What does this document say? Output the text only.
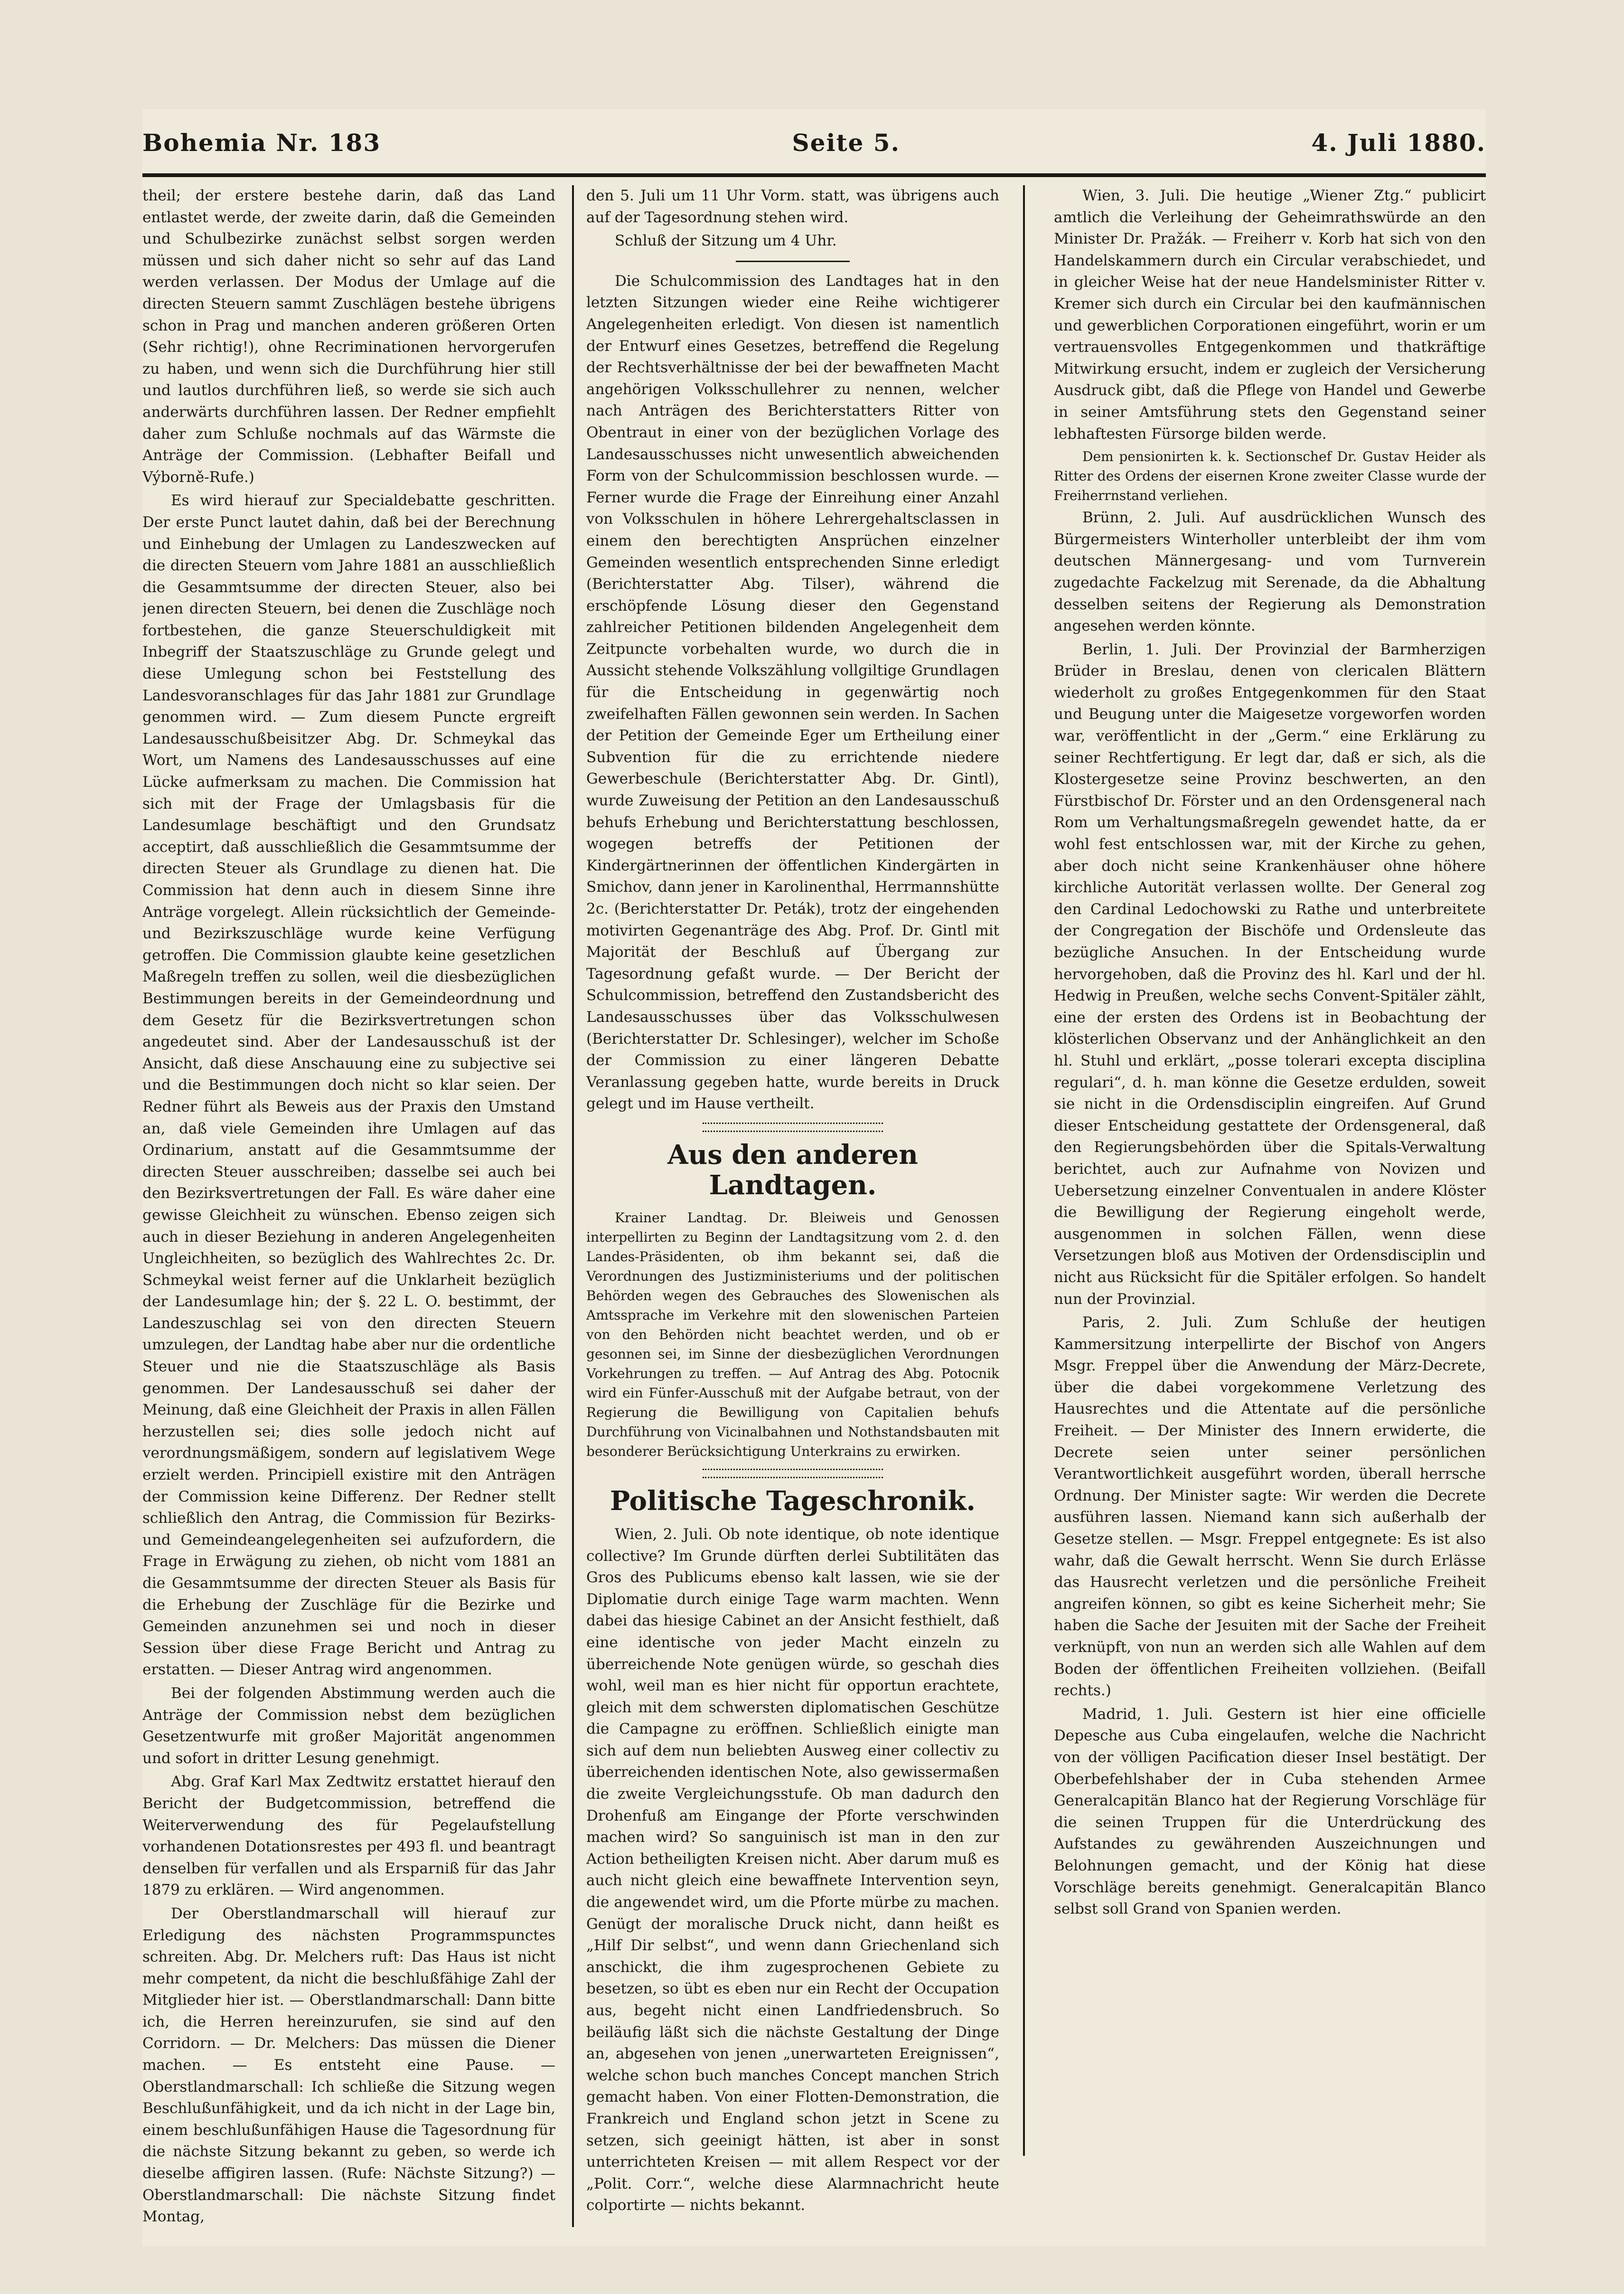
Bohemia Nr. 183	Seite 5.	4. Juli 1880.

theil; der erstere bestehe darin, daß das Land entlastet werde, der zweite darin, daß die Gemeinden und Schulbezirke zunächst selbst sorgen werden müssen und sich daher nicht so sehr auf das Land werden verlassen. Der Modus der Umlage auf die directen Steuern sammt Zuschlägen bestehe übrigens schon in Prag und manchen anderen größeren Orten (Sehr richtig!), ohne Recriminationen hervorgerufen zu haben, und wenn sich die Durchführung hier still und lautlos durchführen ließ, so werde sie sich auch anderwärts durchführen lassen. Der Redner empfiehlt daher zum Schluße nochmals auf das Wärmste die Anträge der Commission. (Lebhafter Beifall und Výborně-Rufe.)

Es wird hierauf zur Specialdebatte geschritten. Der erste Punct lautet dahin, daß bei der Berechnung und Einhebung der Umlagen zu Landeszwecken auf die directen Steuern vom Jahre 1881 an ausschließlich die Gesammtsumme der directen Steuer, also bei jenen directen Steuern, bei denen die Zuschläge noch fortbestehen, die ganze Steuerschuldigkeit mit Inbegriff der Staatszuschläge zu Grunde gelegt und diese Umlegung schon bei Feststellung des Landesvoranschlages für das Jahr 1881 zur Grundlage genommen wird. — Zum diesem Puncte ergreift Landesausschußbeisitzer Abg. Dr. Schmeykal das Wort, um Namens des Landesausschusses auf eine Lücke aufmerksam zu machen. Die Commission hat sich mit der Frage der Umlagsbasis für die Landesumlage beschäftigt und den Grundsatz acceptirt, daß ausschließlich die Gesammtsumme der directen Steuer als Grundlage zu dienen hat. Die Commission hat denn auch in diesem Sinne ihre Anträge vorgelegt. Allein rücksichtlich der Gemeinde- und Bezirkszuschläge wurde keine Verfügung getroffen. Die Commission glaubte keine gesetzlichen Maßregeln treffen zu sollen, weil die diesbezüglichen Bestimmungen bereits in der Gemeindeordnung und dem Gesetz für die Bezirksvertretungen schon angedeutet sind. Aber der Landesausschuß ist der Ansicht, daß diese Anschauung eine zu subjective sei und die Bestimmungen doch nicht so klar seien. Der Redner führt als Beweis aus der Praxis den Umstand an, daß viele Gemeinden ihre Umlagen auf das Ordinarium, anstatt auf die Gesammtsumme der directen Steuer ausschreiben; dasselbe sei auch bei den Bezirksvertretungen der Fall. Es wäre daher eine gewisse Gleichheit zu wünschen. Ebenso zeigen sich auch in dieser Beziehung in anderen Angelegenheiten Ungleichheiten, so bezüglich des Wahlrechtes 2c. Dr. Schmeykal weist ferner auf die Unklarheit bezüglich der Landesumlage hin; der §. 22 L. O. bestimmt, der Landeszuschlag sei von den directen Steuern umzulegen, der Landtag habe aber nur die ordentliche Steuer und nie die Staatszuschläge als Basis genommen. Der Landesausschuß sei daher der Meinung, daß eine Gleichheit der Praxis in allen Fällen herzustellen sei; dies solle jedoch nicht auf verordnungsmäßigem, sondern auf legislativem Wege erzielt werden. Principiell existire mit den Anträgen der Commission keine Differenz. Der Redner stellt schließlich den Antrag, die Commission für Bezirks- und Gemeindeangelegenheiten sei aufzufordern, die Frage in Erwägung zu ziehen, ob nicht vom 1881 an die Gesammtsumme der directen Steuer als Basis für die Erhebung der Zuschläge für die Bezirke und Gemeinden anzunehmen sei und noch in dieser Session über diese Frage Bericht und Antrag zu erstatten. — Dieser Antrag wird angenommen.

Bei der folgenden Abstimmung werden auch die Anträge der Commission nebst dem bezüglichen Gesetzentwurfe mit großer Majorität angenommen und sofort in dritter Lesung genehmigt.

Abg. Graf Karl Max Zedtwitz erstattet hierauf den Bericht der Budgetcommission, betreffend die Weiterverwendung des für Pegelaufstellung vorhandenen Dotationsrestes per 493 fl. und beantragt denselben für verfallen und als Ersparniß für das Jahr 1879 zu erklären. — Wird angenommen.

Der Oberstlandmarschall will hierauf zur Erledigung des nächsten Programmspunctes schreiten. Abg. Dr. Melchers ruft: Das Haus ist nicht mehr competent, da nicht die beschlußfähige Zahl der Mitglieder hier ist. — Oberstlandmarschall: Dann bitte ich, die Herren hereinzurufen, sie sind auf den Corridorn. — Dr. Melchers: Das müssen die Diener machen. — Es entsteht eine Pause. — Oberstlandmarschall: Ich schließe die Sitzung wegen Beschlußunfähigkeit, und da ich nicht in der Lage bin, einem beschlußunfähigen Hause die Tagesordnung für die nächste Sitzung bekannt zu geben, so werde ich dieselbe affigiren lassen. (Rufe: Nächste Sitzung?) — Oberstlandmarschall: Die nächste Sitzung findet Montag,

den 5. Juli um 11 Uhr Vorm. statt, was übrigens auch auf der Tagesordnung stehen wird.

Schluß der Sitzung um 4 Uhr.

Die Schulcommission des Landtages hat in den letzten Sitzungen wieder eine Reihe wichtigerer Angelegenheiten erledigt. Von diesen ist namentlich der Entwurf eines Gesetzes, betreffend die Regelung der Rechtsverhältnisse der bei der bewaffneten Macht angehörigen Volksschullehrer zu nennen, welcher nach Anträgen des Berichterstatters Ritter von Obentraut in einer von der bezüglichen Vorlage des Landesausschusses nicht unwesentlich abweichenden Form von der Schulcommission beschlossen wurde. — Ferner wurde die Frage der Einreihung einer Anzahl von Volksschulen in höhere Lehrergehaltsclassen in einem den berechtigten Ansprüchen einzelner Gemeinden wesentlich entsprechenden Sinne erledigt (Berichterstatter Abg. Tilser), während die erschöpfende Lösung dieser den Gegenstand zahlreicher Petitionen bildenden Angelegenheit dem Zeitpuncte vorbehalten wurde, wo durch die in Aussicht stehende Volkszählung vollgiltige Grundlagen für die Entscheidung in gegenwärtig noch zweifelhaften Fällen gewonnen sein werden. In Sachen der Petition der Gemeinde Eger um Ertheilung einer Subvention für die zu errichtende niedere Gewerbeschule (Berichterstatter Abg. Dr. Gintl), wurde Zuweisung der Petition an den Landesausschuß behufs Erhebung und Berichterstattung beschlossen, wogegen betreffs der Petitionen der Kindergärtnerinnen der öffentlichen Kindergärten in Smichov, dann jener in Karolinenthal, Herrmannshütte 2c. (Berichterstatter Dr. Peták), trotz der eingehenden motivirten Gegenanträge des Abg. Prof. Dr. Gintl mit Majorität der Beschluß auf Übergang zur Tagesordnung gefaßt wurde. — Der Bericht der Schulcommission, betreffend den Zustandsbericht des Landesausschusses über das Volksschulwesen (Berichterstatter Dr. Schlesinger), welcher im Schoße der Commission zu einer längeren Debatte Veranlassung gegeben hatte, wurde bereits in Druck gelegt und im Hause vertheilt.

Aus den anderen Landtagen.

Krainer Landtag. Dr. Bleiweis und Genossen interpellirten zu Beginn der Landtagsitzung vom 2. d. den Landes-Präsidenten, ob ihm bekannt sei, daß die Verordnungen des Justizministeriums und der politischen Behörden wegen des Gebrauches des Slowenischen als Amtssprache im Verkehre mit den slowenischen Parteien von den Behörden nicht beachtet werden, und ob er gesonnen sei, im Sinne der diesbezüglichen Verordnungen Vorkehrungen zu treffen. — Auf Antrag des Abg. Potocnik wird ein Fünfer-Ausschuß mit der Aufgabe betraut, von der Regierung die Bewilligung von Capitalien behufs Durchführung von Vicinalbahnen und Nothstandsbauten mit besonderer Berücksichtigung Unterkrains zu erwirken.

Politische Tageschronik.

Wien, 2. Juli. Ob note identique, ob note identique collective? Im Grunde dürften derlei Subtilitäten das Gros des Publicums ebenso kalt lassen, wie sie der Diplomatie durch einige Tage warm machten. Wenn dabei das hiesige Cabinet an der Ansicht festhielt, daß eine identische von jeder Macht einzeln zu überreichende Note genügen würde, so geschah dies wohl, weil man es hier nicht für opportun erachtete, gleich mit dem schwersten diplomatischen Geschütze die Campagne zu eröffnen. Schließlich einigte man sich auf dem nun beliebten Ausweg einer collectiv zu überreichenden identischen Note, also gewissermaßen die zweite Vergleichungsstufe. Ob man dadurch den Drohenfuß am Eingange der Pforte verschwinden machen wird? So sanguinisch ist man in den zur Action betheiligten Kreisen nicht. Aber darum muß es auch nicht gleich eine bewaffnete Intervention seyn, die angewendet wird, um die Pforte mürbe zu machen. Genügt der moralische Druck nicht, dann heißt es „Hilf Dir selbst“, und wenn dann Griechenland sich anschickt, die ihm zugesprochenen Gebiete zu besetzen, so übt es eben nur ein Recht der Occupation aus, begeht nicht einen Landfriedensbruch. So beiläufig läßt sich die nächste Gestaltung der Dinge an, abgesehen von jenen „unerwarteten Ereignissen“, welche schon buch manches Concept manchen Strich gemacht haben. Von einer Flotten-Demonstration, die Frankreich und England schon jetzt in Scene zu setzen, sich geeinigt hätten, ist aber in sonst unterrichteten Kreisen — mit allem Respect vor der „Polit. Corr.“, welche diese Alarmnachricht heute colportirte — nichts bekannt.

Wien, 3. Juli. Die heutige „Wiener Ztg.“ publicirt amtlich die Verleihung der Geheimrathswürde an den Minister Dr. Pražák. — Freiherr v. Korb hat sich von den Handelskammern durch ein Circular verabschiedet, und in gleicher Weise hat der neue Handelsminister Ritter v. Kremer sich durch ein Circular bei den kaufmännischen und gewerblichen Corporationen eingeführt, worin er um vertrauensvolles Entgegenkommen und thatkräftige Mitwirkung ersucht, indem er zugleich der Versicherung Ausdruck gibt, daß die Pflege von Handel und Gewerbe in seiner Amtsführung stets den Gegenstand seiner lebhaftesten Fürsorge bilden werde.

Dem pensionirten k. k. Sectionschef Dr. Gustav Heider als Ritter des Ordens der eisernen Krone zweiter Classe wurde der Freiherrnstand verliehen.

Brünn, 2. Juli. Auf ausdrücklichen Wunsch des Bürgermeisters Winterholler unterbleibt der ihm vom deutschen Männergesang- und vom Turnverein zugedachte Fackelzug mit Serenade, da die Abhaltung desselben seitens der Regierung als Demonstration angesehen werden könnte.

Berlin, 1. Juli. Der Provinzial der Barmherzigen Brüder in Breslau, denen von clericalen Blättern wiederholt zu großes Entgegenkommen für den Staat und Beugung unter die Maigesetze vorgeworfen worden war, veröffentlicht in der „Germ.“ eine Erklärung zu seiner Rechtfertigung. Er legt dar, daß er sich, als die Klostergesetze seine Provinz beschwerten, an den Fürstbischof Dr. Förster und an den Ordensgeneral nach Rom um Verhaltungsmaßregeln gewendet hatte, da er wohl fest entschlossen war, mit der Kirche zu gehen, aber doch nicht seine Krankenhäuser ohne höhere kirchliche Autorität verlassen wollte. Der General zog den Cardinal Ledochowski zu Rathe und unterbreitete der Congregation der Bischöfe und Ordensleute das bezügliche Ansuchen. In der Entscheidung wurde hervorgehoben, daß die Provinz des hl. Karl und der hl. Hedwig in Preußen, welche sechs Convent-Spitäler zählt, eine der ersten des Ordens ist in Beobachtung der klösterlichen Observanz und der Anhänglichkeit an den hl. Stuhl und erklärt, „posse tolerari excepta disciplina regulari“, d. h. man könne die Gesetze erdulden, soweit sie nicht in die Ordensdisciplin eingreifen. Auf Grund dieser Entscheidung gestattete der Ordensgeneral, daß den Regierungsbehörden über die Spitals-Verwaltung berichtet, auch zur Aufnahme von Novizen und Uebersetzung einzelner Conventualen in andere Klöster die Bewilligung der Regierung eingeholt werde, ausgenommen in solchen Fällen, wenn diese Versetzungen bloß aus Motiven der Ordensdisciplin und nicht aus Rücksicht für die Spitäler erfolgen. So handelt nun der Provinzial.

Paris, 2. Juli. Zum Schluße der heutigen Kammersitzung interpellirte der Bischof von Angers Msgr. Freppel über die Anwendung der März-Decrete, über die dabei vorgekommene Verletzung des Hausrechtes und die Attentate auf die persönliche Freiheit. — Der Minister des Innern erwiderte, die Decrete seien unter seiner persönlichen Verantwortlichkeit ausgeführt worden, überall herrsche Ordnung. Der Minister sagte: Wir werden die Decrete ausführen lassen. Niemand kann sich außerhalb der Gesetze stellen. — Msgr. Freppel entgegnete: Es ist also wahr, daß die Gewalt herrscht. Wenn Sie durch Erlässe das Hausrecht verletzen und die persönliche Freiheit angreifen können, so gibt es keine Sicherheit mehr; Sie haben die Sache der Jesuiten mit der Sache der Freiheit verknüpft, von nun an werden sich alle Wahlen auf dem Boden der öffentlichen Freiheiten vollziehen. (Beifall rechts.)

Madrid, 1. Juli. Gestern ist hier eine officielle Depesche aus Cuba eingelaufen, welche die Nachricht von der völligen Pacification dieser Insel bestätigt. Der Oberbefehlshaber der in Cuba stehenden Armee Generalcapitän Blanco hat der Regierung Vorschläge für die seinen Truppen für die Unterdrückung des Aufstandes zu gewährenden Auszeichnungen und Belohnungen gemacht, und der König hat diese Vorschläge bereits genehmigt. Generalcapitän Blanco selbst soll Grand von Spanien werden.
